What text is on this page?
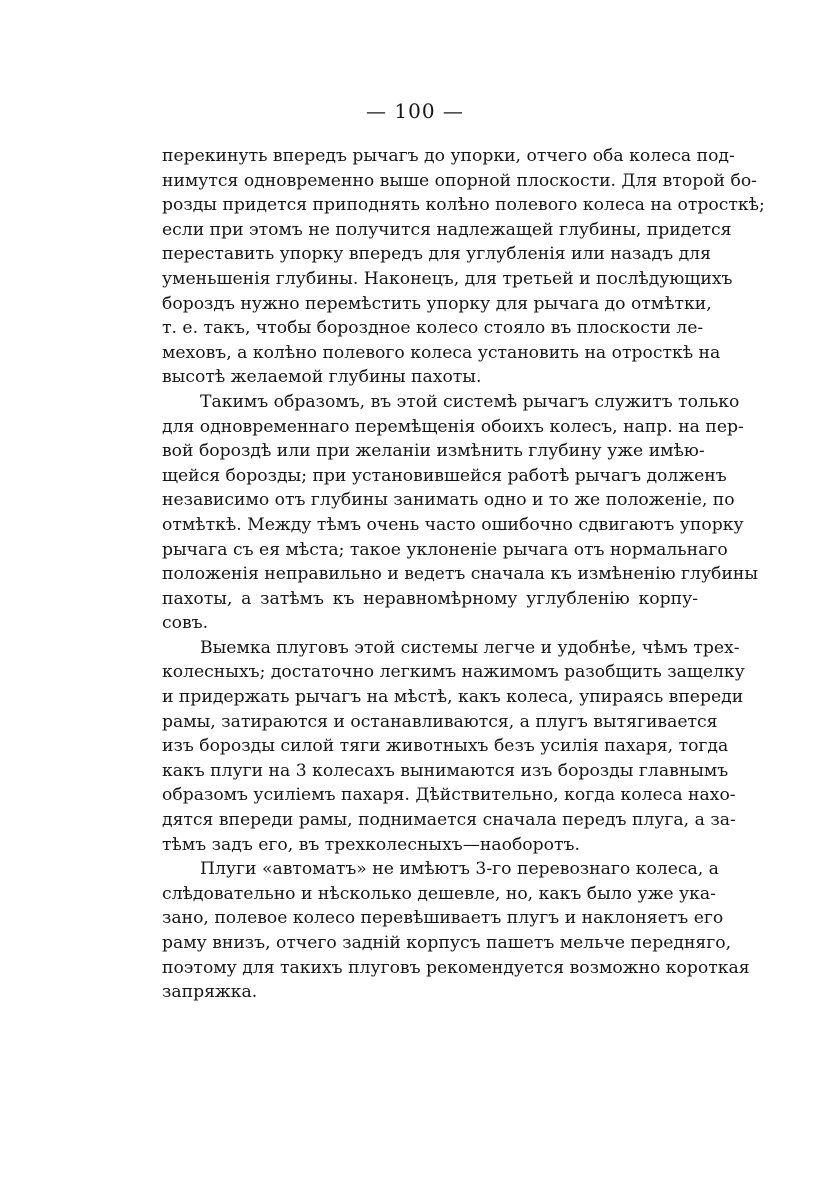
— 100 —
перекинуть впередъ рычагъ до упорки, отчего оба колеса под-
нимутся одновременно выше опорной плоскости. Для второй бо-
розды придется приподнять колѣно полевого колеса на отросткѣ;
если при этомъ не получится надлежащей глубины, придется
переставить упорку впередъ для углубленія или назадъ для
уменьшенія глубины. Наконецъ, для третьей и послѣдующихъ
бороздъ нужно перемѣстить упорку для рычага до отмѣтки,
т. е. такъ, чтобы бороздное колесо стояло въ плоскости ле-
меховъ, а колѣно полевого колеса установить на отросткѣ на
высотѣ желаемой глубины пахоты.
Такимъ образомъ, въ этой системѣ рычагъ служитъ только
для одновременнаго перемѣщенія обоихъ колесъ, напр. на пер-
вой бороздѣ или при желаніи измѣнить глубину уже имѣю-
щейся борозды; при установившейся работѣ рычагъ долженъ
независимо отъ глубины занимать одно и то же положеніе, по
отмѣткѣ. Между тѣмъ очень часто ошибочно сдвигаютъ упорку
рычага съ ея мѣста; такое уклоненіе рычага отъ нормальнаго
положенія неправильно и ведетъ сначала къ измѣненію глубины
пахоты, а затѣмъ къ неравномѣрному углубленію корпу-
совъ.
Выемка плуговъ этой системы легче и удобнѣе, чѣмъ трех-
колесныхъ; достаточно легкимъ нажимомъ разобщить защелку
и придержать рычагъ на мѣстѣ, какъ колеса, упираясь впереди
рамы, затираются и останавливаются, а плугъ вытягивается
изъ борозды силой тяги животныхъ безъ усилія пахаря, тогда
какъ плуги на 3 колесахъ вынимаются изъ борозды главнымъ
образомъ усиліемъ пахаря. Дѣйствительно, когда колеса нахо-
дятся впереди рамы, поднимается сначала передъ плуга, а за-
тѣмъ задъ его, въ трехколесныхъ—наоборотъ.
Плуги «автоматъ» не имѣютъ 3-го перевознаго колеса, а
слѣдовательно и нѣсколько дешевле, но, какъ было уже ука-
зано, полевое колесо перевѣшиваетъ плугъ и наклоняетъ его
раму внизъ, отчего задній корпусъ пашетъ мельче передняго,
поэтому для такихъ плуговъ рекомендуется возможно короткая
запряжка.
